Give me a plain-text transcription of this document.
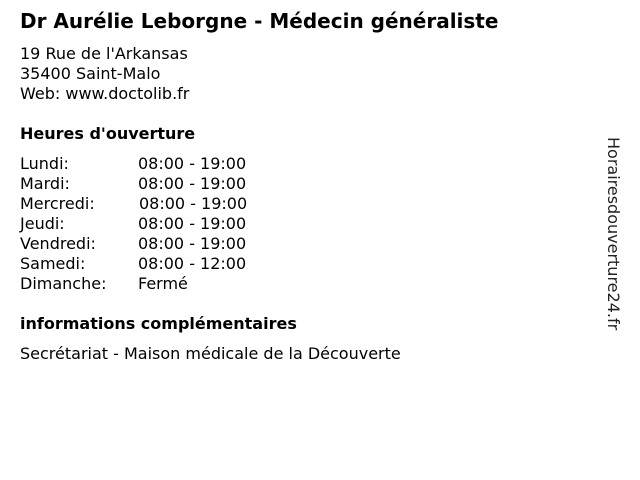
Dr Aurélie Leborgne - Médecin généraliste
19 Rue de l'Arkansas
35400 Saint-Malo
Web: www.doctolib.fr
Heures d'ouverture
Lundi:	08:00 - 19:00
Mardi:	08:00 - 19:00
Mercredi:	08:00 - 19:00
Jeudi:	08:00 - 19:00
Vendredi:	08:00 - 19:00
Samedi:	08:00 - 12:00
Dimanche: Fermé
informations complémentaires
Secrétariat - Maison médicale de la Découverte
Horairesdouverture24.fr
